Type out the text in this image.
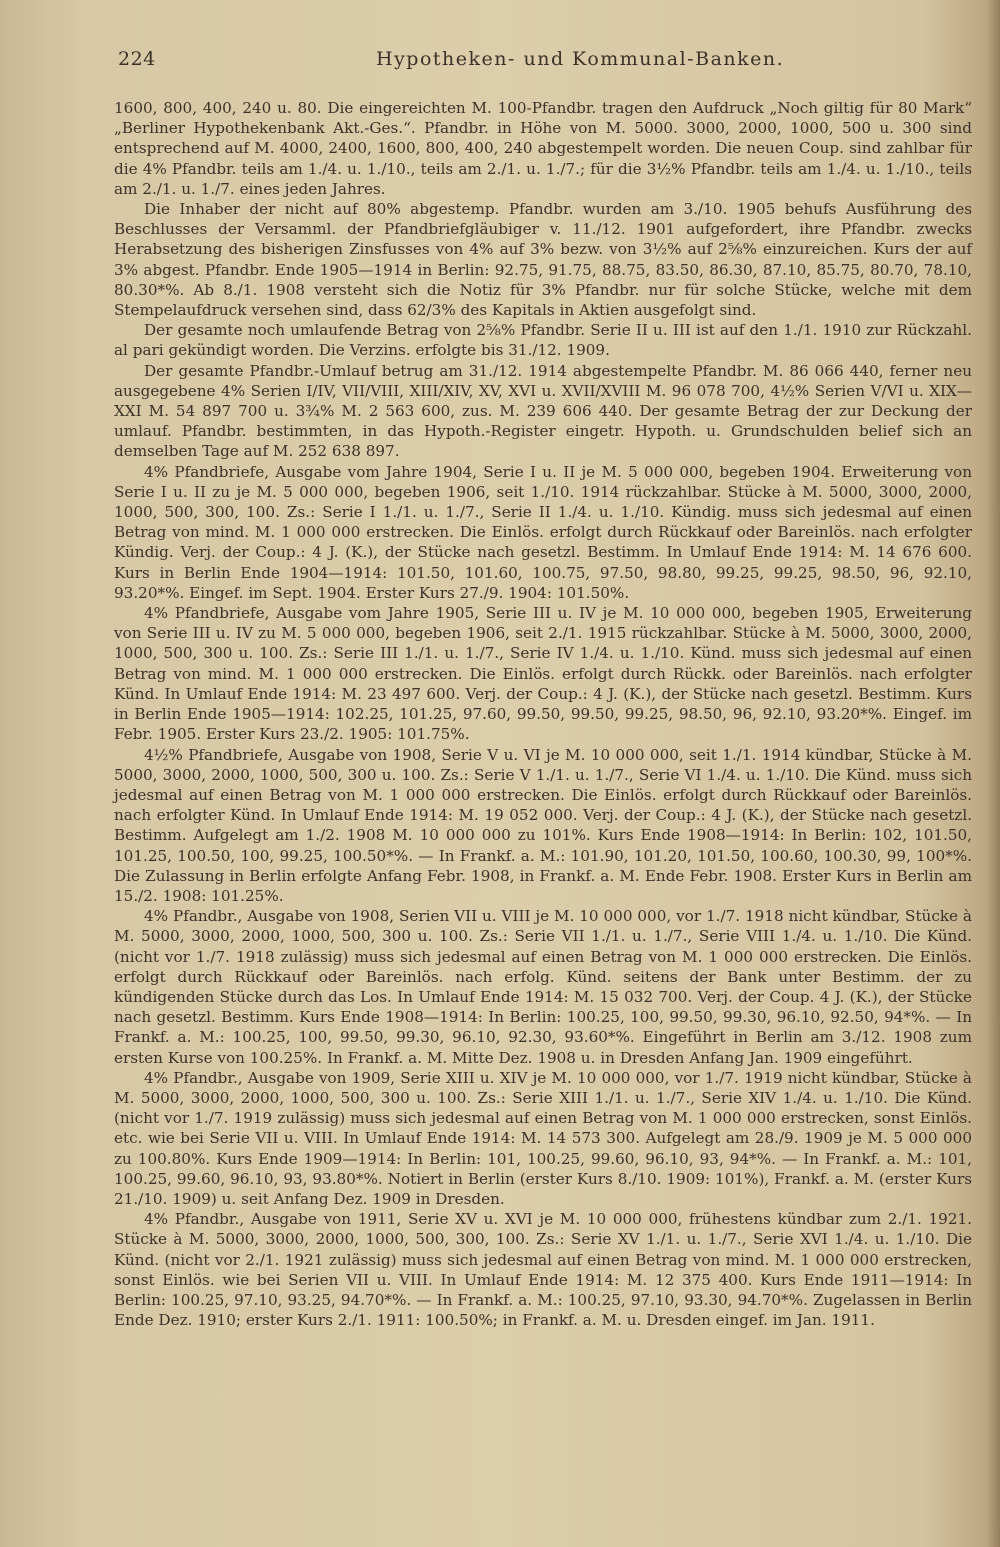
224	Hypotheken- und Kommunal-Banken.

1600, 800, 400, 240 u. 80. Die eingereichten M. 100-Pfandbr. tragen den Aufdruck „Noch giltig für 80 Mark“ „Berliner Hypothekenbank Akt.-Ges.“. Pfandbr. in Höhe von M. 5000. 3000, 2000, 1000, 500 u. 300 sind entsprechend auf M. 4000, 2400, 1600, 800, 400, 240 abgestempelt worden. Die neuen Coup. sind zahlbar für die 4% Pfandbr. teils am 1./4. u. 1./10., teils am 2./1. u. 1./7.; für die 3½% Pfandbr. teils am 1./4. u. 1./10., teils am 2./1. u. 1./7. eines jeden Jahres.

Die Inhaber der nicht auf 80% abgestemp. Pfandbr. wurden am 3./10. 1905 behufs Ausführung des Beschlusses der Versamml. der Pfandbriefgläubiger v. 11./12. 1901 aufgefordert, ihre Pfandbr. zwecks Herabsetzung des bisherigen Zinsfusses von 4% auf 3% bezw. von 3½% auf 2⅝% einzureichen. Kurs der auf 3% abgest. Pfandbr. Ende 1905—1914 in Berlin: 92.75, 91.75, 88.75, 83.50, 86.30, 87.10, 85.75, 80.70, 78.10, 80.30*%. Ab 8./1. 1908 versteht sich die Notiz für 3% Pfandbr. nur für solche Stücke, welche mit dem Stempelaufdruck versehen sind, dass 62/3% des Kapitals in Aktien ausgefolgt sind.

Der gesamte noch umlaufende Betrag von 2⅝% Pfandbr. Serie II u. III ist auf den 1./1. 1910 zur Rückzahl. al pari gekündigt worden. Die Verzins. erfolgte bis 31./12. 1909.

Der gesamte Pfandbr.-Umlauf betrug am 31./12. 1914 abgestempelte Pfandbr. M. 86 066 440, ferner neu ausgegebene 4% Serien I/IV, VII/VIII, XIII/XIV, XV, XVI u. XVII/XVIII M. 96 078 700, 4½% Serien V/VI u. XIX—XXI M. 54 897 700 u. 3¾% M. 2 563 600, zus. M. 239 606 440. Der gesamte Betrag der zur Deckung der umlauf. Pfandbr. bestimmten, in das Hypoth.-Register eingetr. Hypoth. u. Grundschulden belief sich an demselben Tage auf M. 252 638 897.

4% Pfandbriefe, Ausgabe vom Jahre 1904, Serie I u. II je M. 5 000 000, begeben 1904. Erweiterung von Serie I u. II zu je M. 5 000 000, begeben 1906, seit 1./10. 1914 rückzahlbar. Stücke à M. 5000, 3000, 2000, 1000, 500, 300, 100. Zs.: Serie I 1./1. u. 1./7., Serie II 1./4. u. 1./10. Kündig. muss sich jedesmal auf einen Betrag von mind. M. 1 000 000 erstrecken. Die Einlös. erfolgt durch Rückkauf oder Bareinlös. nach erfolgter Kündig. Verj. der Coup.: 4 J. (K.), der Stücke nach gesetzl. Bestimm. In Umlauf Ende 1914: M. 14 676 600. Kurs in Berlin Ende 1904—1914: 101.50, 101.60, 100.75, 97.50, 98.80, 99.25, 99.25, 98.50, 96, 92.10, 93.20*%. Eingef. im Sept. 1904. Erster Kurs 27./9. 1904: 101.50%.

4% Pfandbriefe, Ausgabe vom Jahre 1905, Serie III u. IV je M. 10 000 000, begeben 1905, Erweiterung von Serie III u. IV zu M. 5 000 000, begeben 1906, seit 2./1. 1915 rückzahlbar. Stücke à M. 5000, 3000, 2000, 1000, 500, 300 u. 100. Zs.: Serie III 1./1. u. 1./7., Serie IV 1./4. u. 1./10. Künd. muss sich jedesmal auf einen Betrag von mind. M. 1 000 000 erstrecken. Die Einlös. erfolgt durch Rückk. oder Bareinlös. nach erfolgter Künd. In Umlauf Ende 1914: M. 23 497 600. Verj. der Coup.: 4 J. (K.), der Stücke nach gesetzl. Bestimm. Kurs in Berlin Ende 1905—1914: 102.25, 101.25, 97.60, 99.50, 99.50, 99.25, 98.50, 96, 92.10, 93.20*%. Eingef. im Febr. 1905. Erster Kurs 23./2. 1905: 101.75%.

4½% Pfandbriefe, Ausgabe von 1908, Serie V u. VI je M. 10 000 000, seit 1./1. 1914 kündbar, Stücke à M. 5000, 3000, 2000, 1000, 500, 300 u. 100. Zs.: Serie V 1./1. u. 1./7., Serie VI 1./4. u. 1./10. Die Künd. muss sich jedesmal auf einen Betrag von M. 1 000 000 erstrecken. Die Einlös. erfolgt durch Rückkauf oder Bareinlös. nach erfolgter Künd. In Umlauf Ende 1914: M. 19 052 000. Verj. der Coup.: 4 J. (K.), der Stücke nach gesetzl. Bestimm. Aufgelegt am 1./2. 1908 M. 10 000 000 zu 101%. Kurs Ende 1908—1914: In Berlin: 102, 101.50, 101.25, 100.50, 100, 99.25, 100.50*%. — In Frankf. a. M.: 101.90, 101.20, 101.50, 100.60, 100.30, 99, 100*%. Die Zulassung in Berlin erfolgte Anfang Febr. 1908, in Frankf. a. M. Ende Febr. 1908. Erster Kurs in Berlin am 15./2. 1908: 101.25%.

4% Pfandbr., Ausgabe von 1908, Serien VII u. VIII je M. 10 000 000, vor 1./7. 1918 nicht kündbar, Stücke à M. 5000, 3000, 2000, 1000, 500, 300 u. 100. Zs.: Serie VII 1./1. u. 1./7., Serie VIII 1./4. u. 1./10. Die Künd. (nicht vor 1./7. 1918 zulässig) muss sich jedesmal auf einen Betrag von M. 1 000 000 erstrecken. Die Einlös. erfolgt durch Rückkauf oder Bareinlös. nach erfolg. Künd. seitens der Bank unter Bestimm. der zu kündigenden Stücke durch das Los. In Umlauf Ende 1914: M. 15 032 700. Verj. der Coup. 4 J. (K.), der Stücke nach gesetzl. Bestimm. Kurs Ende 1908—1914: In Berlin: 100.25, 100, 99.50, 99.30, 96.10, 92.50, 94*%. — In Frankf. a. M.: 100.25, 100, 99.50, 99.30, 96.10, 92.30, 93.60*%. Eingeführt in Berlin am 3./12. 1908 zum ersten Kurse von 100.25%. In Frankf. a. M. Mitte Dez. 1908 u. in Dresden Anfang Jan. 1909 eingeführt.

4% Pfandbr., Ausgabe von 1909, Serie XIII u. XIV je M. 10 000 000, vor 1./7. 1919 nicht kündbar, Stücke à M. 5000, 3000, 2000, 1000, 500, 300 u. 100. Zs.: Serie XIII 1./1. u. 1./7., Serie XIV 1./4. u. 1./10. Die Künd. (nicht vor 1./7. 1919 zulässig) muss sich jedesmal auf einen Betrag von M. 1 000 000 erstrecken, sonst Einlös. etc. wie bei Serie VII u. VIII. In Umlauf Ende 1914: M. 14 573 300. Aufgelegt am 28./9. 1909 je M. 5 000 000 zu 100.80%. Kurs Ende 1909—1914: In Berlin: 101, 100.25, 99.60, 96.10, 93, 94*%. — In Frankf. a. M.: 101, 100.25, 99.60, 96.10, 93, 93.80*%. Notiert in Berlin (erster Kurs 8./10. 1909: 101%), Frankf. a. M. (erster Kurs 21./10. 1909) u. seit Anfang Dez. 1909 in Dresden.

4% Pfandbr., Ausgabe von 1911, Serie XV u. XVI je M. 10 000 000, frühestens kündbar zum 2./1. 1921. Stücke à M. 5000, 3000, 2000, 1000, 500, 300, 100. Zs.: Serie XV 1./1. u. 1./7., Serie XVI 1./4. u. 1./10. Die Künd. (nicht vor 2./1. 1921 zulässig) muss sich jedesmal auf einen Betrag von mind. M. 1 000 000 erstrecken, sonst Einlös. wie bei Serien VII u. VIII. In Umlauf Ende 1914: M. 12 375 400. Kurs Ende 1911—1914: In Berlin: 100.25, 97.10, 93.25, 94.70*%. — In Frankf. a. M.: 100.25, 97.10, 93.30, 94.70*%. Zugelassen in Berlin Ende Dez. 1910; erster Kurs 2./1. 1911: 100.50%; in Frankf. a. M. u. Dresden eingef. im Jan. 1911.
